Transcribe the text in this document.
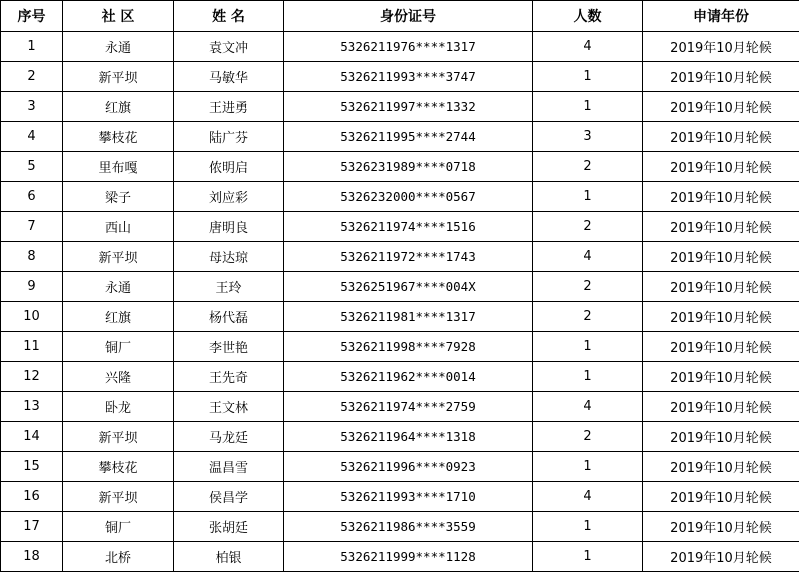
序号	社 区	姓 名	身份证号	人数	申请年份
1	永通	袁文冲	5326211976****1317	4	2019年10月轮候
2	新平坝	马敏华	5326211993****3747	1	2019年10月轮候
3	红旗	王进勇	5326211997****1332	1	2019年10月轮候
4	攀枝花	陆广芬	5326211995****2744	3	2019年10月轮候
5	里布嘎	侬明启	5326231989****0718	2	2019年10月轮候
6	梁子	刘应彩	5326232000****0567	1	2019年10月轮候
7	西山	唐明良	5326211974****1516	2	2019年10月轮候
8	新平坝	母达琼	5326211972****1743	4	2019年10月轮候
9	永通	王玲	5326251967****004X	2	2019年10月轮候
10	红旗	杨代磊	5326211981****1317	2	2019年10月轮候
11	铜厂	李世艳	5326211998****7928	1	2019年10月轮候
12	兴隆	王先奇	5326211962****0014	1	2019年10月轮候
13	卧龙	王文林	5326211974****2759	4	2019年10月轮候
14	新平坝	马龙廷	5326211964****1318	2	2019年10月轮候
15	攀枝花	温昌雪	5326211996****0923	1	2019年10月轮候
16	新平坝	侯昌学	5326211993****1710	4	2019年10月轮候
17	铜厂	张胡廷	5326211986****3559	1	2019年10月轮候
18	北桥	柏银	5326211999****1128	1	2019年10月轮候
